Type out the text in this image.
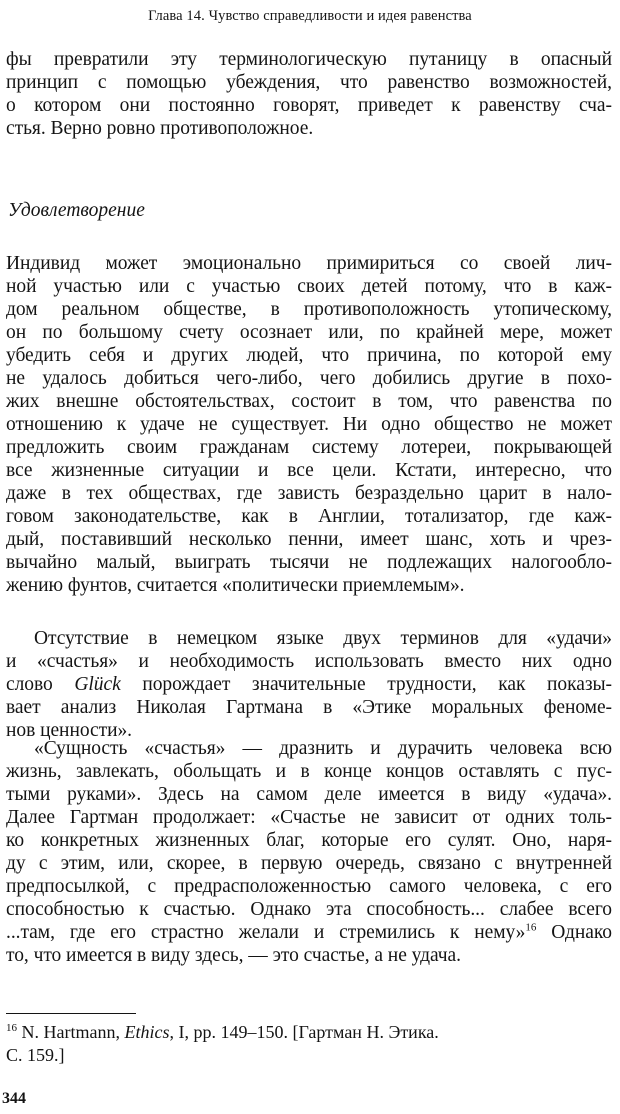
Глава 14. Чувство справедливости и идея равенства
фы превратили эту терминологическую путаницу в опасный
принцип с помощью убеждения, что равенство возможностей,
о котором они постоянно говорят, приведет к равенству сча-
стья. Верно ровно противоположное.
Удовлетворение
Индивид может эмоционально примириться со своей лич-
ной участью или с участью своих детей потому, что в каж-
дом реальном обществе, в противоположность утопическому,
он по большому счету осознает или, по крайней мере, может
убедить себя и других людей, что причина, по которой ему
не удалось добиться чего-либо, чего добились другие в похо-
жих внешне обстоятельствах, состоит в том, что равенства по
отношению к удаче не существует. Ни одно общество не может
предложить своим гражданам систему лотереи, покрывающей
все жизненные ситуации и все цели. Кстати, интересно, что
даже в тех обществах, где зависть безраздельно царит в нало-
говом законодательстве, как в Англии, тотализатор, где каж-
дый, поставивший несколько пенни, имеет шанс, хоть и чрез-
вычайно малый, выиграть тысячи не подлежащих налогообло-
жению фунтов, считается «политически приемлемым».
Отсутствие в немецком языке двух терминов для «удачи»
и «счастья» и необходимость использовать вместо них одно
слово Glück порождает значительные трудности, как показы-
вает анализ Николая Гартмана в «Этике моральных феноме-
нов ценности».
«Сущность «счастья» — дразнить и дурачить человека всю
жизнь, завлекать, обольщать и в конце концов оставлять с пус-
тыми руками». Здесь на самом деле имеется в виду «удача».
Далее Гартман продолжает: «Счастье не зависит от одних толь-
ко конкретных жизненных благ, которые его сулят. Оно, наря-
ду с этим, или, скорее, в первую очередь, связано с внутренней
предпосылкой, с предрасположенностью самого человека, с его
способностью к счастью. Однако эта способность... слабее всего
...там, где его страстно желали и стремились к нему»$^{16}$ Однако
то, что имеется в виду здесь, — это счастье, а не удача.
$^{16}$ N. Hartmann, Ethics, I, pp. 149–150. [Гартман Н. Этика.
С. 159.]
344
